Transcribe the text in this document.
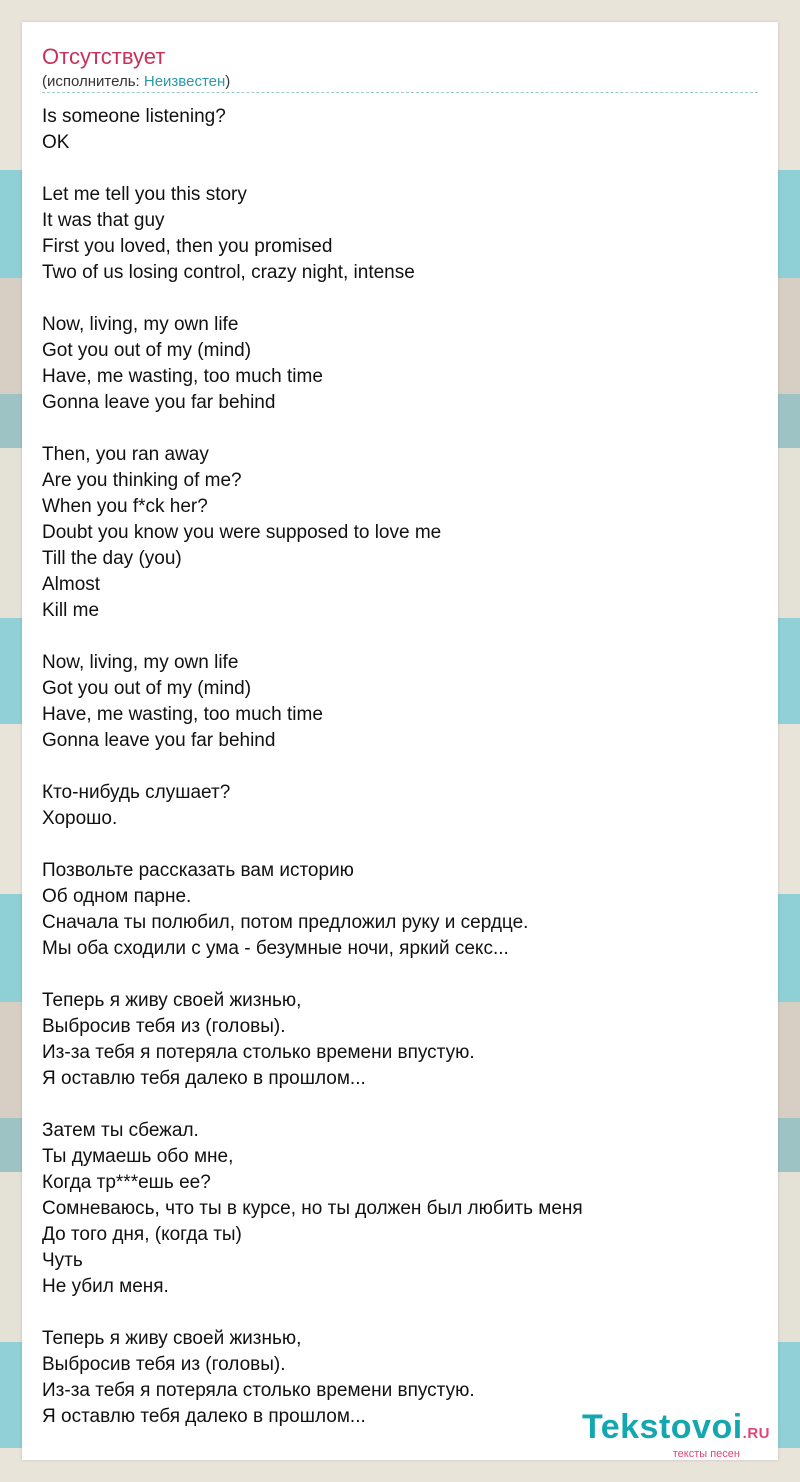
Отсутствует
(исполнитель: Неизвестен)
Is someone listening?
OK
Let me tell you this story
It was that guy
First you loved, then you promised
Two of us losing control, crazy night, intense
Now, living, my own life
Got you out of my (mind)
Have, me wasting, too much time
Gonna leave you far behind
Then, you ran away
Are you thinking of me?
When you f*ck her?
Doubt you know you were supposed to love me
Till the day (you)
Almost
Kill me
Now, living, my own life
Got you out of my (mind)
Have, me wasting, too much time
Gonna leave you far behind
Кто-нибудь слушает?
Хорошо.
Позвольте рассказать вам историю
Об одном парне.
Сначала ты полюбил, потом предложил руку и сердце.
Мы оба сходили с ума - безумные ночи, яркий секс...
Теперь я живу своей жизнью,
Выбросив тебя из (головы).
Из-за тебя я потеряла столько времени впустую.
Я оставлю тебя далеко в прошлом...
Затем ты сбежал.
Ты думаешь обо мне,
Когда тр***ешь ее?
Сомневаюсь, что ты в курсе, но ты должен был любить меня
До того дня, (когда ты)
Чуть
Не убил меня.
Теперь я живу своей жизнью,
Выбросив тебя из (головы).
Из-за тебя я потеряла столько времени впустую.
Я оставлю тебя далеко в прошлом...	Tekstovoi.RU
тексты песен
